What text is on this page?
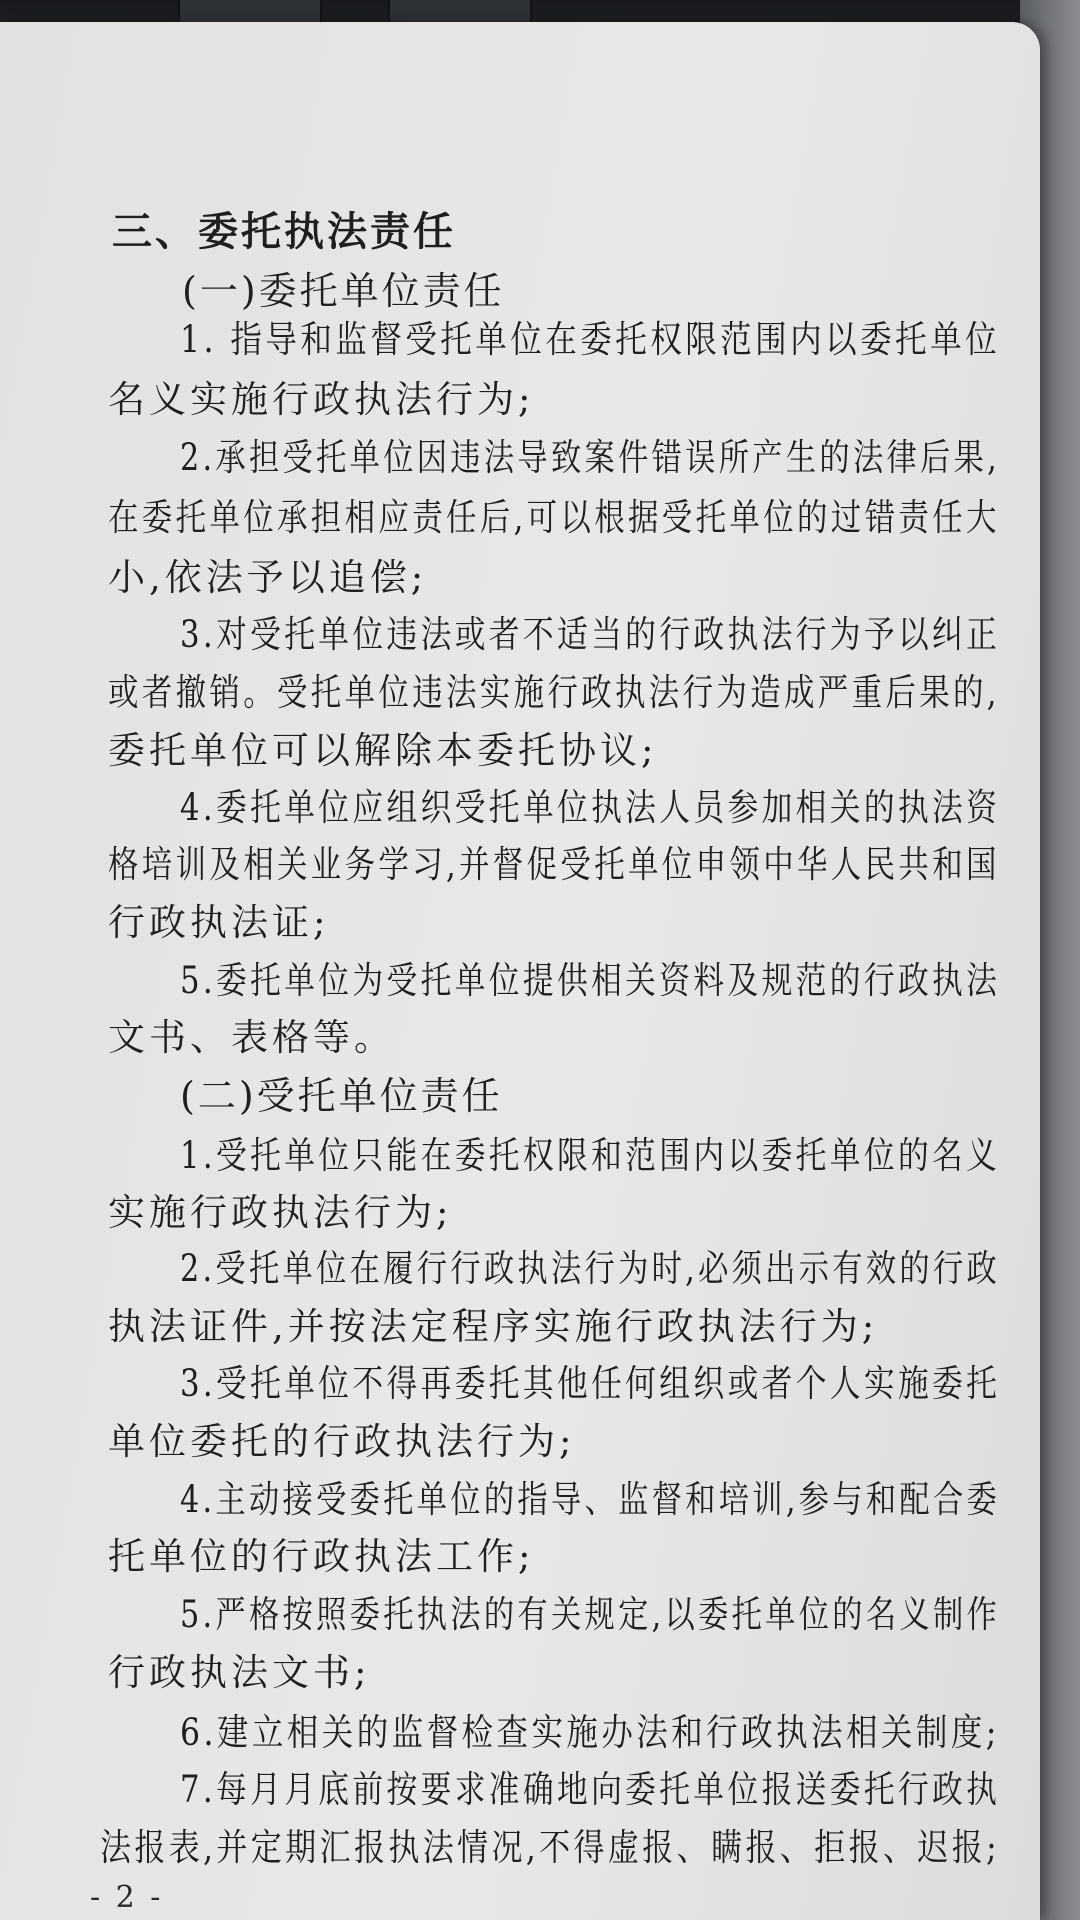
三、委托执法责任
(一)委托单位责任
1. 指导和监督受托单位在委托权限范围内以委托单位
名义实施行政执法行为;
2.承担受托单位因违法导致案件错误所产生的法律后果,
在委托单位承担相应责任后,可以根据受托单位的过错责任大
小,依法予以追偿;
3.对受托单位违法或者不适当的行政执法行为予以纠正
或者撤销。受托单位违法实施行政执法行为造成严重后果的,
委托单位可以解除本委托协议;
4.委托单位应组织受托单位执法人员参加相关的执法资
格培训及相关业务学习,并督促受托单位申领中华人民共和国
行政执法证;
5.委托单位为受托单位提供相关资料及规范的行政执法
文书、表格等。
(二)受托单位责任
1.受托单位只能在委托权限和范围内以委托单位的名义
实施行政执法行为;
2.受托单位在履行行政执法行为时,必须出示有效的行政
执法证件,并按法定程序实施行政执法行为;
3.受托单位不得再委托其他任何组织或者个人实施委托
单位委托的行政执法行为;
4.主动接受委托单位的指导、监督和培训,参与和配合委
托单位的行政执法工作;
5.严格按照委托执法的有关规定,以委托单位的名义制作
行政执法文书;
6.建立相关的监督检查实施办法和行政执法相关制度;
7.每月月底前按要求准确地向委托单位报送委托行政执
法报表,并定期汇报执法情况,不得虚报、瞒报、拒报、迟报;
- 2 -
